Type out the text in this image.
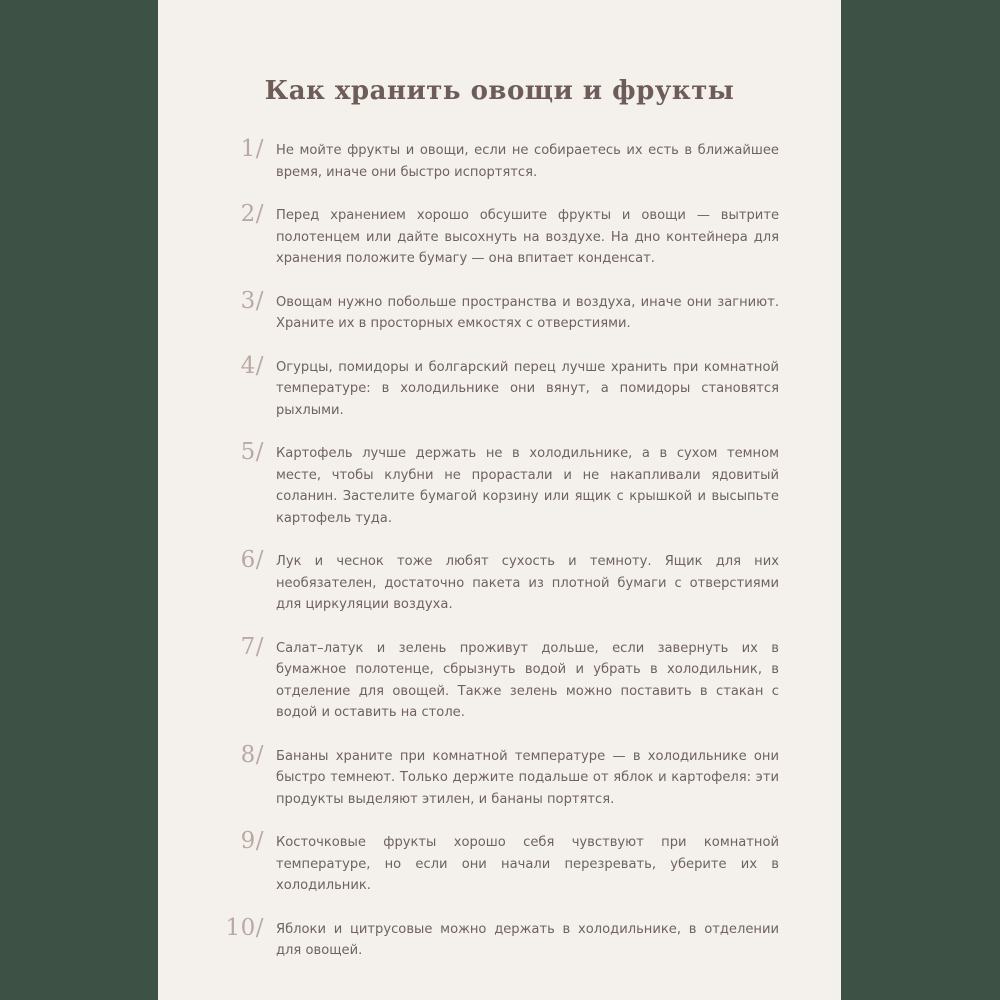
Как хранить овощи и фрукты
1/ Не мойте фрукты и овощи, если не собираетесь их есть в ближайшее время, иначе они быстро испортятся.
2/ Перед хранением хорошо обсушите фрукты и овощи — вытрите полотенцем или дайте высохнуть на воздухе. На дно контейнера для хранения положите бумагу — она впитает конденсат.
3/ Овощам нужно побольше пространства и воздуха, иначе они загниют. Храните их в просторных емкостях с отверстиями.
4/ Огурцы, помидоры и болгарский перец лучше хранить при комнатной температуре: в холодильнике они вянут, а помидоры становятся рыхлыми.
5/ Картофель лучше держать не в холодильнике, а в сухом темном месте, чтобы клубни не прорастали и не накапливали ядовитый соланин. Застелите бумагой корзину или ящик с крышкой и высыпьте картофель туда.
6/ Лук и чеснок тоже любят сухость и темноту. Ящик для них необязателен, достаточно пакета из плотной бумаги с отверстиями для циркуляции воздуха.
7/ Салат–латук и зелень проживут дольше, если завернуть их в бумажное полотенце, сбрызнуть водой и убрать в холодильник, в отделение для овощей. Также зелень можно поставить в стакан с водой и оставить на столе.
8/ Бананы храните при комнатной температуре — в холодильнике они быстро темнеют. Только держите подальше от яблок и картофеля: эти продукты выделяют этилен, и бананы портятся.
9/ Косточковые фрукты хорошо себя чувствуют при комнатной температуре, но если они начали перезревать, уберите их в холодильник.
10/ Яблоки и цитрусовые можно держать в холодильнике, в отделении для овощей.
